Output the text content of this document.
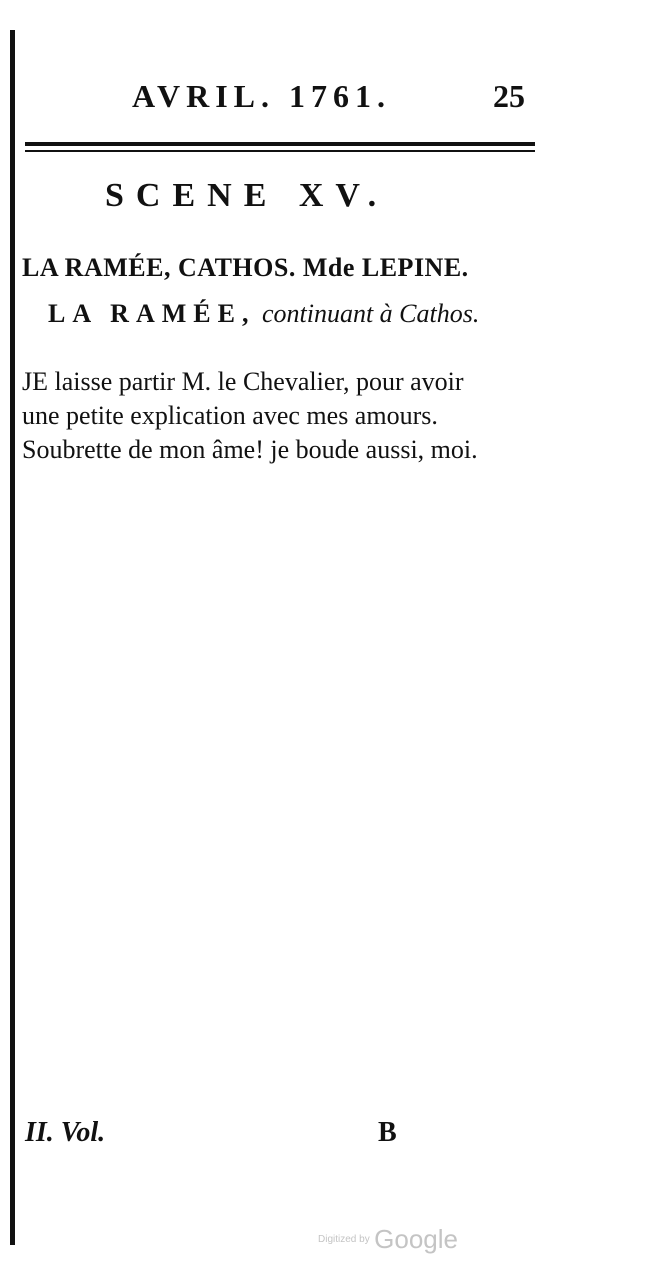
AVRIL. 1761.	25
SCENE XV.
LA RAMÉE, CATHOS. Mde LEPINE.
LA RAMÉE, continuant à Cathos.
JE laisse partir M. le Chevalier, pour avoir
une petite explication avec mes amours.
Soubrette de mon âme! je boude aussi, moi.
II. Vol.	B
Digitized by Google
